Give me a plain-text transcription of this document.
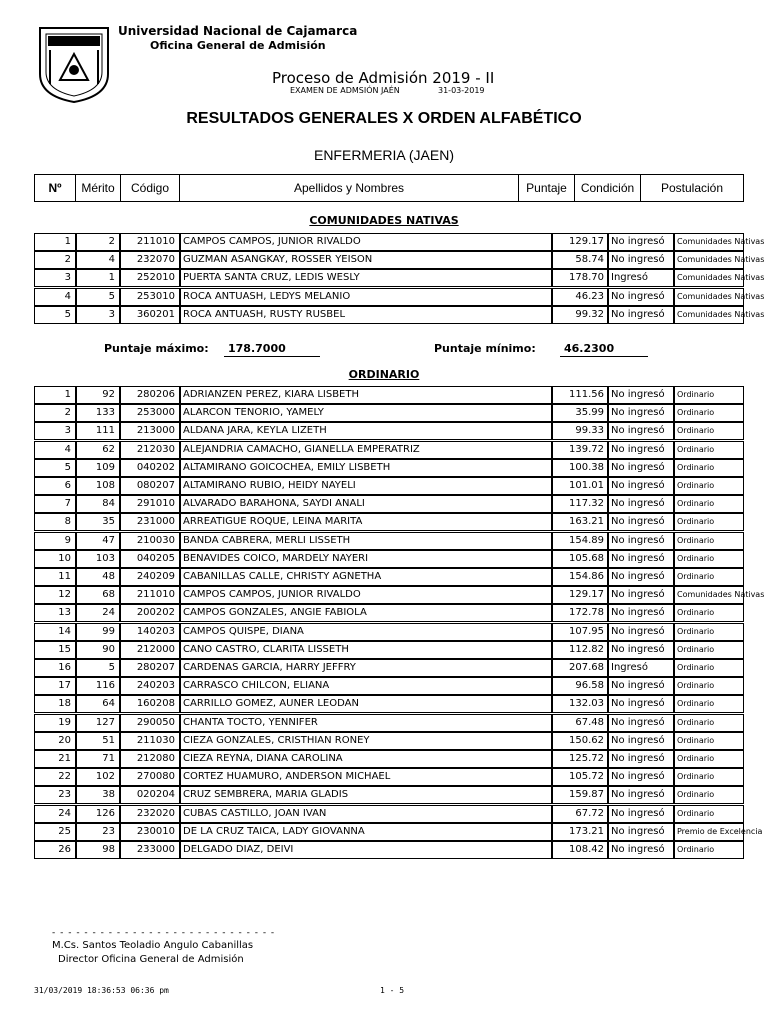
Universidad Nacional de Cajamarca
Oficina General de Admisión
Proceso de Admisión 2019 - II
EXAMEN DE ADMSIÓN JAÉN	31-03-2019
RESULTADOS GENERALES X ORDEN ALFABÉTICO
ENFERMERIA (JAEN)
Nº	Mérito	Código	Apellidos y Nombres	Puntaje	Condición	Postulación
COMUNIDADES NATIVAS
1	2	211010 CAMPOS CAMPOS, JUNIOR RIVALDO	129.17 No ingresó	Comunidades Nativas
2	4	232070 GUZMAN ASANGKAY, ROSSER YEISON	58.74 No ingresó	Comunidades Nativas
3	1	252010 PUERTA SANTA CRUZ, LEDIS WESLY	178.70 Ingresó	Comunidades Nativas
4	5	253010 ROCA ANTUASH, LEDYS MELANIO	46.23 No ingresó	Comunidades Nativas
5	3	360201 ROCA ANTUASH, RUSTY RUSBEL	99.32 No ingresó	Comunidades Nativas
Puntaje máximo:	178.7000	Puntaje mínimo:	46.2300
ORDINARIO
1	92	280206 ADRIANZEN PEREZ, KIARA LISBETH	111.56 No ingresó	Ordinario
2	133	253000 ALARCON TENORIO, YAMELY	35.99 No ingresó	Ordinario
3	111	213000 ALDANA JARA, KEYLA LIZETH	99.33 No ingresó	Ordinario
4	62	212030 ALEJANDRIA CAMACHO, GIANELLA EMPERATRIZ	139.72 No ingresó	Ordinario
5	109	040202 ALTAMIRANO GOICOCHEA, EMILY LISBETH	100.38 No ingresó	Ordinario
6	108	080207 ALTAMIRANO RUBIO, HEIDY NAYELI	101.01 No ingresó	Ordinario
7	84	291010 ALVARADO BARAHONA, SAYDI ANALI	117.32 No ingresó	Ordinario
8	35	231000 ARREATIGUE ROQUE, LEINA MARITA	163.21 No ingresó	Ordinario
9	47	210030 BANDA CABRERA, MERLI LISSETH	154.89 No ingresó	Ordinario
10	103	040205 BENAVIDES COICO, MARDELY NAYERI	105.68 No ingresó	Ordinario
11	48	240209 CABANILLAS CALLE, CHRISTY AGNETHA	154.86 No ingresó	Ordinario
12	68	211010 CAMPOS CAMPOS, JUNIOR RIVALDO	129.17 No ingresó	Comunidades Nativas
13	24	200202 CAMPOS GONZALES, ANGIE FABIOLA	172.78 No ingresó	Ordinario
14	99	140203 CAMPOS QUISPE, DIANA	107.95 No ingresó	Ordinario
15	90	212000 CANO CASTRO, CLARITA LISSETH	112.82 No ingresó	Ordinario
16	5	280207 CARDENAS GARCIA, HARRY JEFFRY	207.68 Ingresó	Ordinario
17	116	240203 CARRASCO CHILCON, ELIANA	96.58 No ingresó	Ordinario
18	64	160208 CARRILLO GOMEZ, AUNER LEODAN	132.03 No ingresó	Ordinario
19	127	290050 CHANTA TOCTO, YENNIFER	67.48 No ingresó	Ordinario
20	51	211030 CIEZA GONZALES, CRISTHIAN RONEY	150.62 No ingresó	Ordinario
21	71	212080 CIEZA REYNA, DIANA CAROLINA	125.72 No ingresó	Ordinario
22	102	270080 CORTEZ HUAMURO, ANDERSON MICHAEL	105.72 No ingresó	Ordinario
23	38	020204 CRUZ SEMBRERA, MARIA GLADIS	159.87 No ingresó	Ordinario
24	126	232020 CUBAS CASTILLO, JOAN IVAN	67.72 No ingresó	Ordinario
25	23	230010 DE LA CRUZ TAICA, LADY GIOVANNA	173.21 No ingresó	Premio de Excelencia
26	98	233000 DELGADO DIAZ, DEIVI	108.42 No ingresó	Ordinario
- - - - - - - - - - - - - - - - - - - - - - - - - - - -
M.Cs. Santos Teoladio Angulo Cabanillas
Director Oficina General de Admisión
31/03/2019 18:36:53 06:36 pm	1 - 5
